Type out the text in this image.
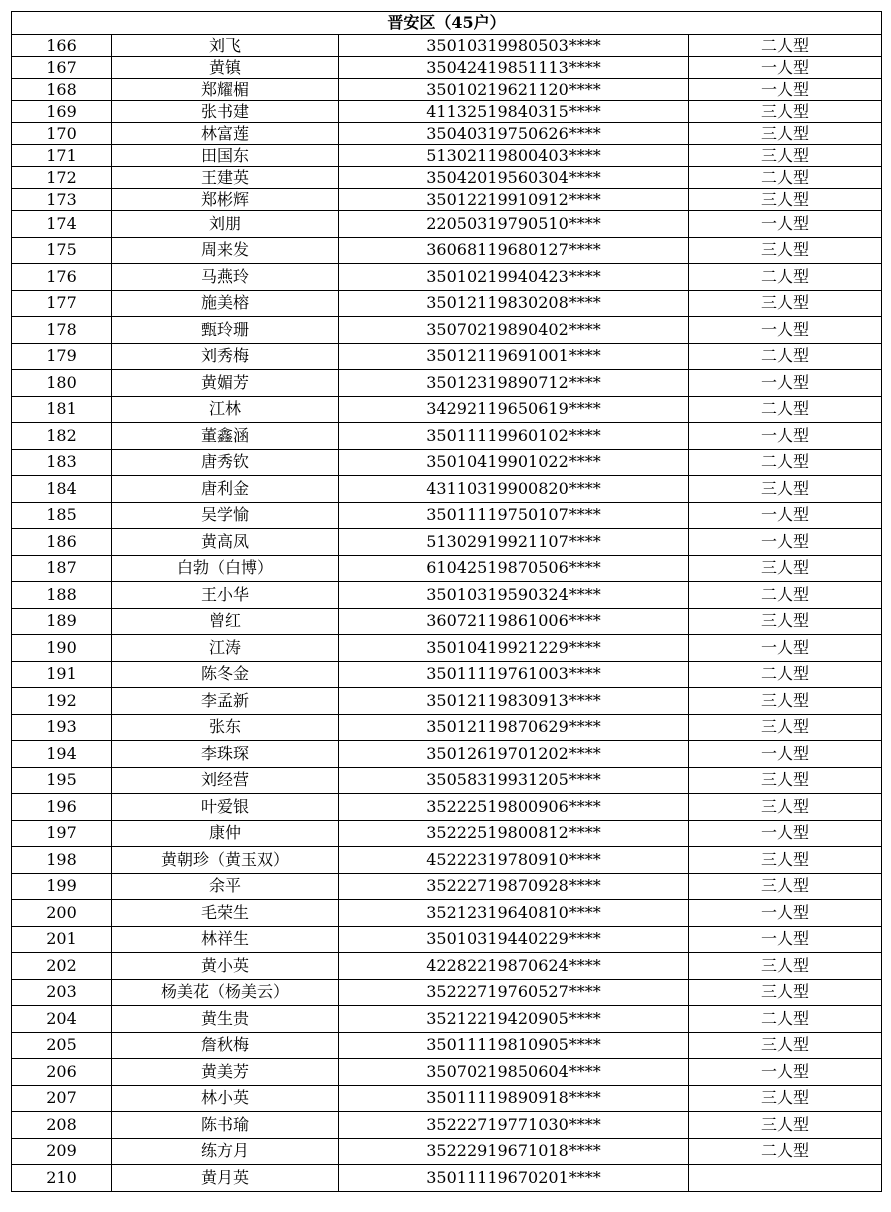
晋安区（45户）			
166	刘飞	35010319980503****	二人型
167	黄镇	35042419851113****	一人型
168	郑耀楣	35010219621120****	一人型
169	张书建	41132519840315****	三人型
170	林富莲	35040319750626****	三人型
171	田国东	51302119800403****	三人型
172	王建英	35042019560304****	二人型
173	郑彬辉	35012219910912****	三人型
174	刘朋	22050319790510****	一人型
175	周来发	36068119680127****	三人型
176	马燕玲	35010219940423****	二人型
177	施美榕	35012119830208****	三人型
178	甄玲珊	35070219890402****	一人型
179	刘秀梅	35012119691001****	二人型
180	黄媚芳	35012319890712****	一人型
181	江林	34292119650619****	二人型
182	董鑫涵	35011119960102****	一人型
183	唐秀钦	35010419901022****	二人型
184	唐利金	43110319900820****	三人型
185	吴学愉	35011119750107****	一人型
186	黄高凤	51302919921107****	一人型
187	白勃（白博）	61042519870506****	三人型
188	王小华	35010319590324****	二人型
189	曾红	36072119861006****	三人型
190	江涛	35010419921229****	一人型
191	陈冬金	35011119761003****	二人型
192	李孟新	35012119830913****	三人型
193	张东	35012119870629****	三人型
194	李珠琛	35012619701202****	一人型
195	刘经营	35058319931205****	三人型
196	叶爱银	35222519800906****	三人型
197	康仲	35222519800812****	一人型
198	黄朝珍（黄玉双）	45222319780910****	三人型
199	余平	35222719870928****	三人型
200	毛荣生	35212319640810****	一人型
201	林祥生	35010319440229****	一人型
202	黄小英	42282219870624****	三人型
203	杨美花（杨美云）	35222719760527****	三人型
204	黄生贵	35212219420905****	二人型
205	詹秋梅	35011119810905****	三人型
206	黄美芳	35070219850604****	一人型
207	林小英	35011119890918****	三人型
208	陈书瑜	35222719771030****	三人型
209	练方月	35222919671018****	二人型
210	黄月英	35011119670201****	
